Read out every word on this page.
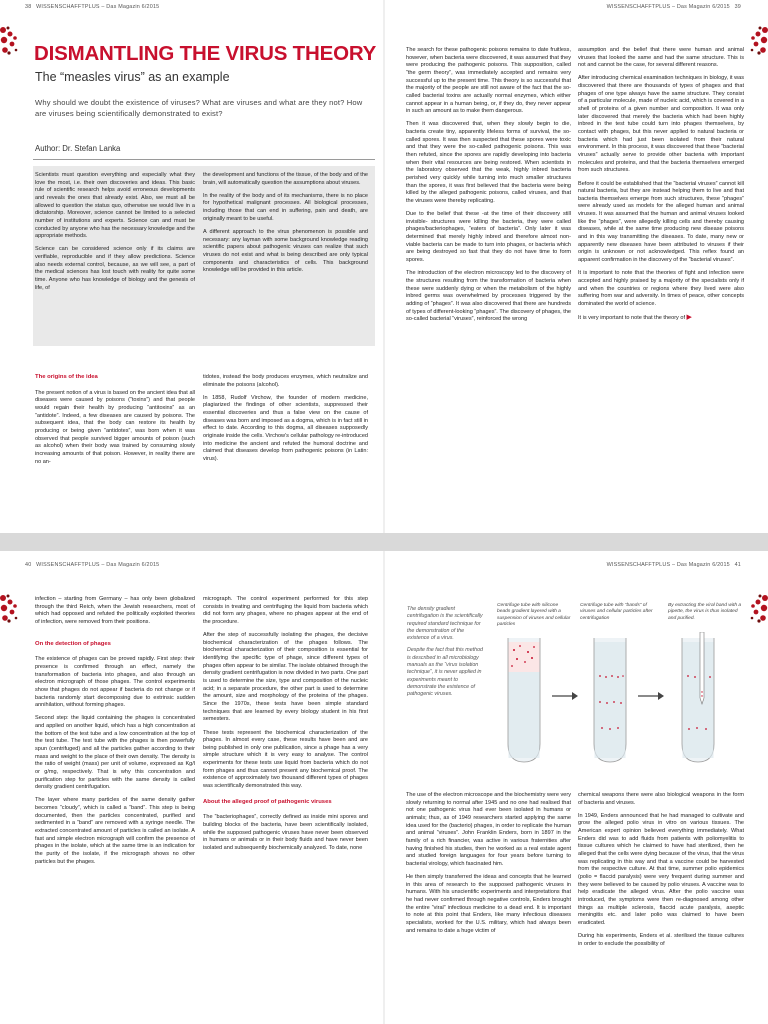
38 WISSENSCHAFFTPLUS – Das Magazin 6/2015	WISSENSCHAFFTPLUS – Das Magazin 6/2015 39
DISMANTLING THE VIRUS THEORY
The “measles virus” as an example
Why should we doubt the existence of viruses? What are viruses and what are they not? How are viruses being scientifically demonstrated to exist?
Author: Dr. Stefan Lanka

Scientists must question everything and especially what they love the most, i.e. their own discoveries and ideas. This basic rule of scientific research helps avoid erroneous developments and reveals the ones that already exist. Also, we must all be allowed to question the status quo, otherwise we would live in a dictatorship. Moreover, science cannot be limited to a selected number of institutions and experts. Science can and must be conducted by anyone who has the necessary knowledge and the appropriate methods.

Science can be considered science only if its claims are verifiable, reproducible and if they allow predictions. Science also needs external control, because, as we will see, a part of the medical sciences has lost touch with reality for quite some time. Anyone who has knowledge of biology and the genesis of life, of

the development and functions of the tissue, of the body and of the brain, will automatically question the assumptions about viruses.

In the reality of the body and of its mechanisms, there is no place for hypothetical malignant processes. All biological processes, including those that can end in suffering, pain and death, are originally meant to be useful.

A different approach to the virus phenomenon is possible and necessary: any layman with some background knowledge reading scientific papers about pathogenic viruses can realize that such viruses do not exist and what is being described are only typical components and characteristics of cells. This background knowledge will be provided in this article.

The origins of the idea

The present notion of a virus is based on the ancient idea that all diseases were caused by poisons (“toxins”) and that people would regain their health by producing “antitoxins” as an “antidote”. Indeed, a few diseases are caused by poisons. The subsequent idea, that the body can restore its health by producing or being given “antidotes”, was born when it was observed that people survived bigger amounts of poison (such as alcohol) when their body was trained by consuming slowly increasing amounts of that poison. However, in reality there are no an-

tidotes, instead the body produces enzymes, which neutralize and eliminate the poisons (alcohol).

In 1858, Rudolf Virchow, the founder of modern medicine, plagiarized the findings of other scientists, suppressed their essential discoveries and thus a false view on the cause of diseases was born and imposed as a dogma, which is in fact still in effect to date. According to this dogma, all diseases supposedly originate inside the cells. Virchow’s cellular pathology re-introduced into medicine the ancient and refuted the humoral doctrine and claimed that diseases develop from pathogenic poisons (in Latin: virus).

The search for these pathogenic poisons remains to date fruitless, however, when bacteria were discovered, it was assumed that they were producing the pathogenic poisons. This supposition, called “the germ theory”, was immediately accepted and remains very successful up to the present time. This theory is so successful that the majority of the people are still not aware of the fact that the so-called bacterial toxins are actually normal enzymes, which either cannot appear in a human being, or, if they do, they never appear in such an amount as to make them dangerous.

Then it was discovered that, when they slowly begin to die, bacteria create tiny, apparently lifeless forms of survival, the so-called spores. It was then suspected that these spores were toxic and that they were the so-called pathogenic poisons. This was then refuted, since the spores are rapidly developing into bacteria when their vital resources are being restored. When scientists in the laboratory observed that the weak, highly inbred bacteria perished very quickly while turning into much smaller structures than the spores, it was first believed that the bacteria were being killed by the alleged pathogenic poisons, called viruses, and that the viruses were thereby replicating.

Due to the belief that these -at the time of their discovery still invisible- structures were killing the bacteria, they were called phages/bacteriophages, “eaters of bacteria”. Only later it was determined that merely highly inbred and therefore almost non-viable bacteria can be made to turn into phages, or bacteria which are being destroyed so fast that they do not have time to form spores.

The introduction of the electron microscopy led to the discovery of the structures resulting from the transformation of bacteria when these were suddenly dying or when the metabolism of the highly inbred germs was overwhelmed by processes triggered by the adding of “phages”. It was also discovered that there are hundreds of types of different-looking “phages”. The discovery of phages, the so-called bacterial “viruses”, reinforced the wrong

assumption and the belief that there were human and animal viruses that looked the same and had the same structure. This is not and cannot be the case, for several different reasons.

After introducing chemical examination techniques in biology, it was discovered that there are thousands of types of phages and that phages of one type always have the same structure. They consist of a particular molecule, made of nucleic acid, which is covered in a shell of proteins of a given number and composition. It was only later discovered that merely the bacteria which had been highly inbred in the test tube could turn into phages themselves, by contact with phages, but this never applied to natural bacteria or bacteria which had just been isolated from their natural environment. In this process, it was discovered that these “bacterial viruses” actually serve to provide other bacteria with important molecules and proteins, and that the bacteria themselves emerged from such structures.

Before it could be established that the “bacterial viruses” cannot kill natural bacteria, but they are instead helping them to live and that bacteria themselves emerge from such structures, these “phages” were already used as models for the alleged human and animal viruses. It was assumed that the human and animal viruses looked like the “phages”, were allegedly killing cells and thereby causing diseases, while at the same time producing new disease poisons and in this way transmitting the diseases. To date, many new or apparently new diseases have been attributed to viruses if their origin is unknown or not acknowledged. This reflex found an apparent confirmation in the discovery of the “bacterial viruses”.

It is important to note that the theories of fight and infection were accepted and highly praised by a majority of the specialists only if and when the countries or regions where they lived were also suffering from war and adversity. In times of peace, other concepts dominated the world of science.

It is very important to note that the theory of ▶

40 WISSENSCHAFFTPLUS – Das Magazin 6/2015	WISSENSCHAFFTPLUS – Das Magazin 6/2015 41

infection – starting from Germany – has only been globalized through the third Reich, when the Jewish researchers, most of which had opposed and refuted the politically exploited theories of infection, were removed from their positions.

On the detection of phages

The existence of phages can be proved rapidly. First step: their presence is confirmed through an effect, namely the transformation of bacteria into phages, and also through an electron micrograph of those phages. The control experiments show that phages do not appear if bacteria do not change or if bacteria randomly start decomposing due to extrinsic sudden annihilation, without forming phages.

Second step: the liquid containing the phages is concentrated and applied on another liquid, which has a high concentration at the bottom of the test tube and a low concentration at the top of the test tube. The test tube with the phages is then powerfully spun (centrifuged) and all the particles gather according to their mass and weight to the place of their own density. The density is the ratio of weight (mass) per unit of volume, expressed as Kg/l or g/mg, respectively. That is why this concentration and purification step for particles with the same density is called density gradient centrifugation.

The layer where many particles of the same density gather becomes “cloudy”, which is called a “band”. This step is being documented, then the particles concentrated, purified and sedimented in a “band” are removed with a syringe needle. The extracted concentrated amount of particles is called an isolate. A fast and simple electron micrograph will confirm the presence of phages in the isolate, which at the same time is an indication for the purity of the isolate, if the micrograph shows no other particles but the phages.

micrograph. The control experiment performed for this step consists in treating and centrifuging the liquid from bacteria which did not form any phages, where no phages appear at the end of the procedure.

After the step of successfully isolating the phages, the decisive biochemical characterization of the phages follows. The biochemical characterization of their composition is essential for identifying the specific type of phage, since different types of phages often appear to be similar. The isolate obtained through the density gradient centrifugation is now divided in two parts. One part is used to determine the size, type and composition of the nucleic acid; in a separate procedure, the other part is used to determine the amount, size and morphology of the proteins of the phages. Since the 1970s, these tests have been simple standard techniques that are learned by every biology student in his first semesters.

These tests represent the biochemical characterization of the phages. In almost every case, these results have been and are being published in only one publication, since a phage has a very simple structure which it is very easy to analyse. The control experiments for these tests use liquid from bacteria which do not form phages and thus cannot present any biochemical proof. The existence of approximately two thousand different types of phages was scientifically demonstrated this way.

About the alleged proof of pathogenic viruses

The “bacteriophages”, correctly defined as inside mini spores and building blocks of the bacteria, have been scientifically isolated, while the supposed pathogenic viruses have never been observed in humans or animals or in their body fluids and have never been isolated and subsequently biochemically analyzed. To date, none

The density gradient centrifugation is the scientifically required standard technique for the demonstration of the existence of a virus.

Despite the fact that this method is described in all microbiology manuals as the “virus isolation technique”, it is never applied in experiments meant to demonstrate the existence of pathogenic viruses.

Centrifuge tube with silicone beads gradient layered with a suspension of viruses and cellular particles
Centrifuge tube with “bands” of viruses and cellular particles after centrifugation
By extracting the viral band with a pipette, the virus is thus isolated and purified.

The use of the electron microscope and the biochemistry were very slowly returning to normal after 1945 and no one had realised that not one pathogenic virus had ever been isolated in humans or animals; thus, as of 1949 researchers started applying the same idea used for the (bacterio) phages, in order to replicate the human and animal “viruses”. John Franklin Enders, born in 1897 in the family of a rich financier, was active in various fraternities after having finished his studies, then he worked as a real estate agent and studied foreign languages for four years before turning to bacterial virology, which fascinated him.

He then simply transferred the ideas and concepts that he learned in this area of research to the supposed pathogenic viruses in humans. With his unscientific experiments and interpretations that he had never confirmed through negative controls, Enders brought the entire “viral” infectious medicine to a dead end. It is important to note at this point that Enders, like many infectious diseases specialists, worked for the U.S. military, which had always been and remains to date a huge victim of

chemical weapons there were also biological weapons in the form of bacteria and viruses.

In 1949, Enders announced that he had managed to cultivate and grow the alleged polio virus in vitro on various tissues. The American expert opinion believed everything immediately. What Enders did was to add fluids from patients with poliomyelitis to tissue cultures which he claimed to have had sterilized, then he alleged that the cells were dying because of the virus, that the virus was replicating in this way and that a vaccine could be harvested from the respective culture. At that time, summer polio epidemics (polio = flaccid paralysis) were very frequent during summer and they were believed to be caused by polio viruses. A vaccine was to help eradicate the alleged virus. After the polio vaccine was introduced, the symptoms were then re-diagnosed among other things as multiple sclerosis, flaccid acute paralysis, aseptic meningitis etc. and later polio was claimed to have been eradicated.

During his experiments, Enders et al. sterilised the tissue cultures in order to exclude the possibility of
